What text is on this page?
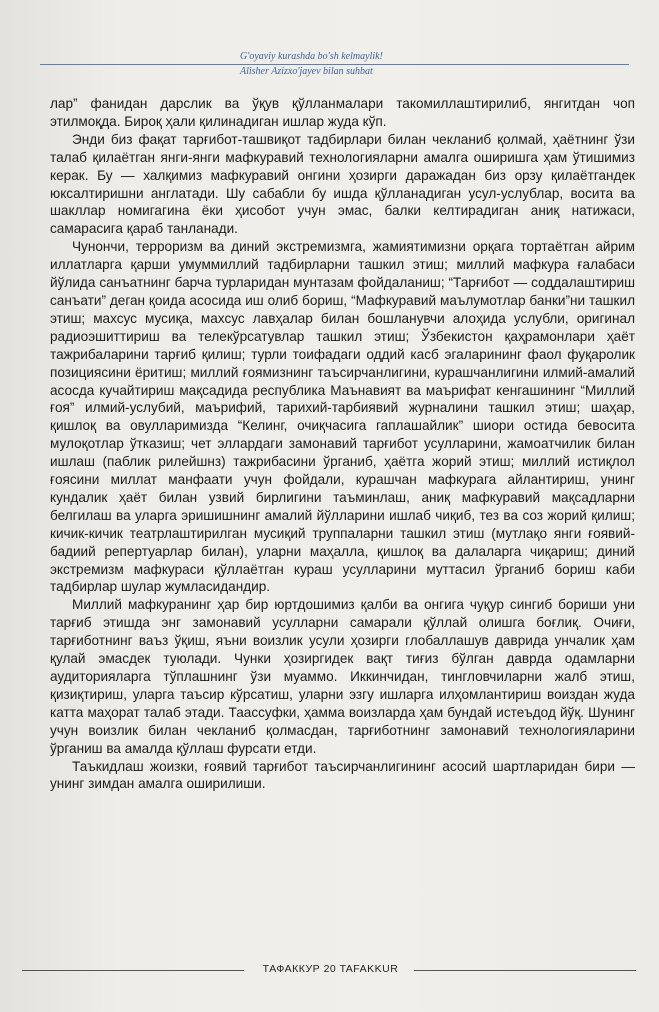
G'oyaviy kurashda bo'sh kelmaylik!
Alisher Azizxo'jayev bilan suhbat

лар” фанидан дарслик ва ўқув қўлланмалари такомиллаштирилиб, янгитдан чоп этилмоқда. Бироқ ҳали қилинадиган ишлар жуда кўп.

Энди биз фақат тарғибот-ташвиқот тадбирлари билан чекланиб қолмай, ҳаётнинг ўзи талаб қилаётган янги-янги мафкуравий технологияларни амалга оширишга ҳам ўтишимиз керак. Бу — халқимиз мафкуравий онгини ҳозирги даражадан биз орзу қилаётгандек юксалтиришни англатади. Шу сабабли бу ишда қўлланадиган усул-услублар, восита ва шакллар номигагина ёки ҳисобот учун эмас, балки келтирадиган аниқ натижаси, самарасига қараб танланади.

Чунончи, терроризм ва диний экстремизмга, жамиятимизни орқага тортаётган айрим иллатларга қарши умуммиллий тадбирларни ташкил этиш; миллий мафкура ғалабаси йўлида санъатнинг барча турларидан мунтазам фойдаланиш; “Тарғибот — соддалаштириш санъати” деган қоида асосида иш олиб бориш, “Мафкуравий маълумотлар банки”ни ташкил этиш; махсус мусиқа, махсус лавҳалар билан бошланувчи алоҳида услубли, оригинал радиоэшиттириш ва телекўрсатувлар ташкил этиш; Ўзбекистон қаҳрамонлари ҳаёт тажрибаларини тарғиб қилиш; турли тоифадаги оддий касб эгаларининг фаол фуқаролик позициясини ёритиш; миллий ғоямизнинг таъсирчанлигини, курашчанлигини илмий-амалий асосда кучайтириш мақсадида республика Маънавият ва маърифат кенгашининг “Миллий ғоя” илмий-услубий, маърифий, тарихий-тарбиявий журналини ташкил этиш; шаҳар, қишлоқ ва овулларимизда “Келинг, очиқчасига гаплашайлик” шиори остида бевосита мулоқотлар ўтказиш; чет эллардаги замонавий тарғибот усулларини, жамоатчилик билан ишлаш (паблик рилейшнз) тажрибасини ўрганиб, ҳаётга жорий этиш; миллий истиқлол ғоясини миллат манфаати учун фойдали, курашчан мафкурага айлантириш, унинг кундалик ҳаёт билан узвий бирлигини таъминлаш, аниқ мафкуравий мақсадларни белгилаш ва уларга эришишнинг амалий йўлларини ишлаб чиқиб, тез ва соз жорий қилиш; кичик-кичик театрлаштирилган мусиқий труппаларни ташкил этиш (мутлақо янги ғоявий-бадиий репертуарлар билан), уларни маҳалла, қишлоқ ва далаларга чиқариш; диний экстремизм мафкураси қўллаётган кураш усулларини муттасил ўрганиб бориш каби тадбирлар шулар жумласидандир.

Миллий мафкуранинг ҳар бир юртдошимиз қалби ва онгига чуқур сингиб бориши уни тарғиб этишда энг замонавий усулларни самарали қўллай олишга боғлиқ. Очиғи, тарғиботнинг ваъз ўқиш, яъни воизлик усули ҳозирги глобаллашув даврида унчалик ҳам қулай эмасдек туюлади. Чунки ҳозиргидек вақт тиғиз бўлган даврда одамларни аудиторияларга тўплашнинг ўзи муаммо. Иккинчидан, тингловчиларни жалб этиш, қизиқтириш, уларга таъсир кўрсатиш, уларни эзгу ишларга илҳомлантириш воиздан жуда катта маҳорат талаб этади. Таассуфки, ҳамма воизларда ҳам бундай истеъдод йўқ. Шунинг учун воизлик билан чекланиб қолмасдан, тарғиботнинг замонавий технологияларини ўрганиш ва амалда қўллаш фурсати етди.

Таъкидлаш жоизки, ғоявий тарғибот таъсирчанлигининг асосий шартларидан бири — унинг зимдан амалга оширилиши.

ТАФАККУР 20 TAFAKKUR
